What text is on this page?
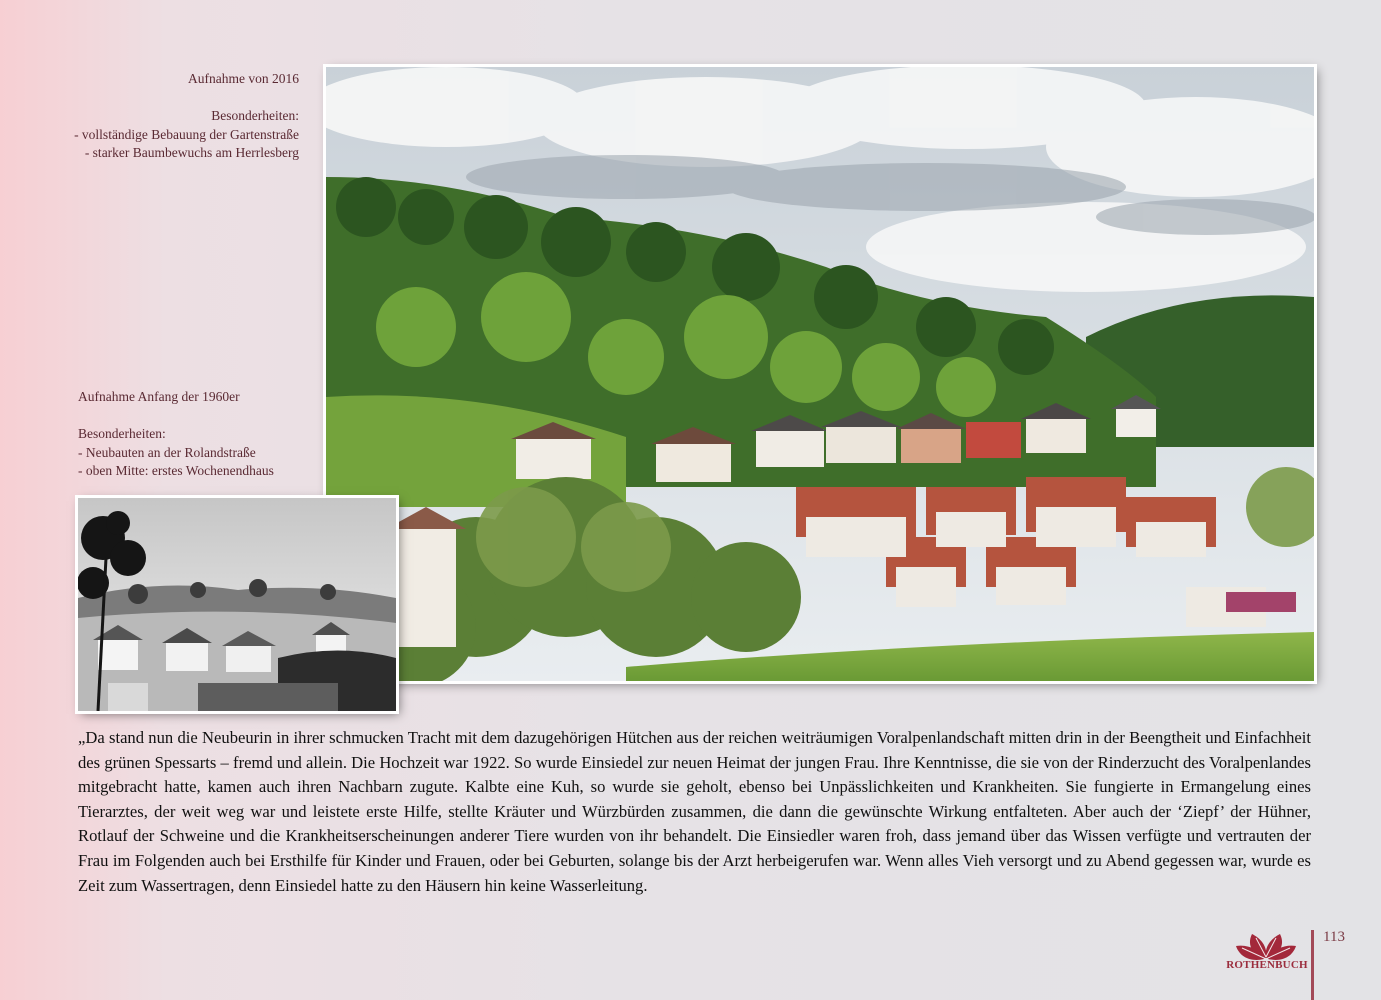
Aufnahme von 2016

Besonderheiten:

- vollständige Bebauung der Gartenstraße

- starker Baumbewuchs am Herrlesberg

Aufnahme Anfang der 1960er

Besonderheiten:

- Neubauten an der Rolandstraße

- oben Mitte: erstes Wochenendhaus

„Da stand nun die Neubeurin in ihrer schmucken Tracht mit dem dazugehörigen Hütchen aus der reichen weiträumigen Voralpenlandschaft mitten drin in der Beengtheit und Einfachheit des grünen Spessarts – fremd und allein. Die Hochzeit war 1922. So wurde Einsiedel zur neuen Heimat der jungen Frau. Ihre Kenntnisse, die sie von der Rinderzucht des Voralpenlandes mitgebracht hatte, kamen auch ihren Nachbarn zugute. Kalbte eine Kuh, so wurde sie geholt, ebenso bei Unpässlichkeiten und Krankheiten. Sie fungierte in Ermangelung eines Tierarztes, der weit weg war und leistete erste Hilfe, stellte Kräuter und Würzbürden zusammen, die dann die gewünschte Wirkung entfalteten. Aber auch der ‘Ziepf’ der Hühner, Rotlauf der Schweine und die Krankheitserscheinungen anderer Tiere wurden von ihr behandelt. Die Einsiedler waren froh, dass jemand über das Wissen verfügte und vertrauten der Frau im Folgenden auch bei Ersthilfe für Kinder und Frauen, oder bei Geburten, solange bis der Arzt herbeigerufen war. Wenn alles Vieh versorgt und zu Abend gegessen war, wurde es Zeit zum Wassertragen, denn Einsiedel hatte zu den Häusern hin keine Wasserleitung.

113
ROTHENBUCH
